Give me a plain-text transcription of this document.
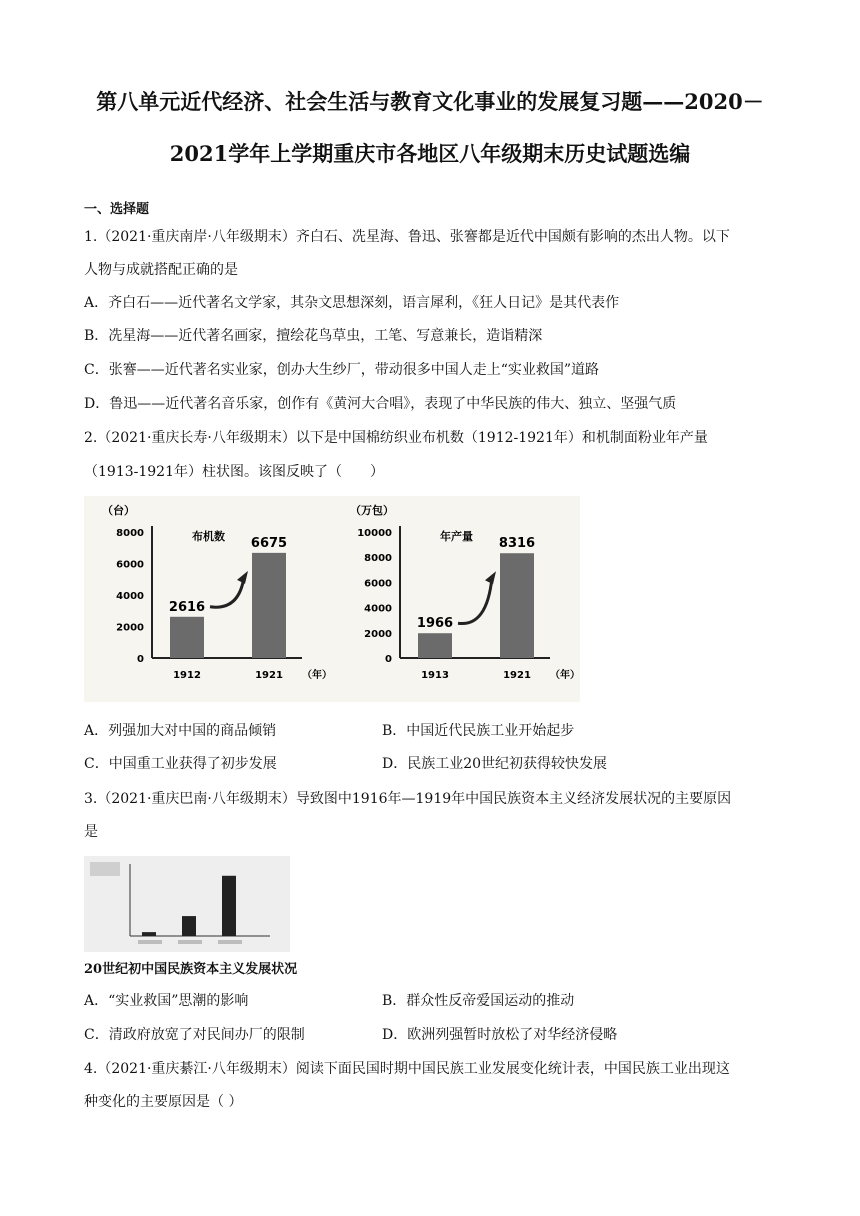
第八单元近代经济、社会生活与教育文化事业的发展复习题——2020－
2021学年上学期重庆市各地区八年级期末历史试题选编
一、选择题
1.（2021·重庆南岸·八年级期末）齐白石、冼星海、鲁迅、张謇都是近代中国颇有影响的杰出人物。以下
人物与成就搭配正确的是
A．齐白石——近代著名文学家，其杂文思想深刻，语言犀利，《狂人日记》是其代表作
B．冼星海——近代著名画家，擅绘花鸟草虫，工笔、写意兼长，造诣精深
C．张謇——近代著名实业家，创办大生纱厂，带动很多中国人走上“实业救国”道路
D．鲁迅——近代著名音乐家，创作有《黄河大合唱》，表现了中华民族的伟大、独立、坚强气质
2.（2021·重庆长寿·八年级期末）以下是中国棉纺织业布机数（1912-1921年）和机制面粉业年产量
（1913-1921年）柱状图。该图反映了（　　）
（台）
0
2000
4000
6000
8000	布机数
2616
1912
6675
1921 （年）
（万包）
0
2000
4000
6000
8000
10000	年产量
1966
1913
8316
1921 （年）
A．列强加大对中国的商品倾销	B．中国近代民族工业开始起步
C．中国重工业获得了初步发展	D．民族工业20世纪初获得较快发展
3.（2021·重庆巴南·八年级期末）导致图中1916年—1919年中国民族资本主义经济发展状况的主要原因
是
20世纪初中国民族资本主义发展状况
A．“实业救国”思潮的影响	B．群众性反帝爱国运动的推动
C．清政府放宽了对民间办厂的限制	D．欧洲列强暂时放松了对华经济侵略
4.（2021·重庆綦江·八年级期末）阅读下面民国时期中国民族工业发展变化统计表，中国民族工业出现这
种变化的主要原因是（ ）
